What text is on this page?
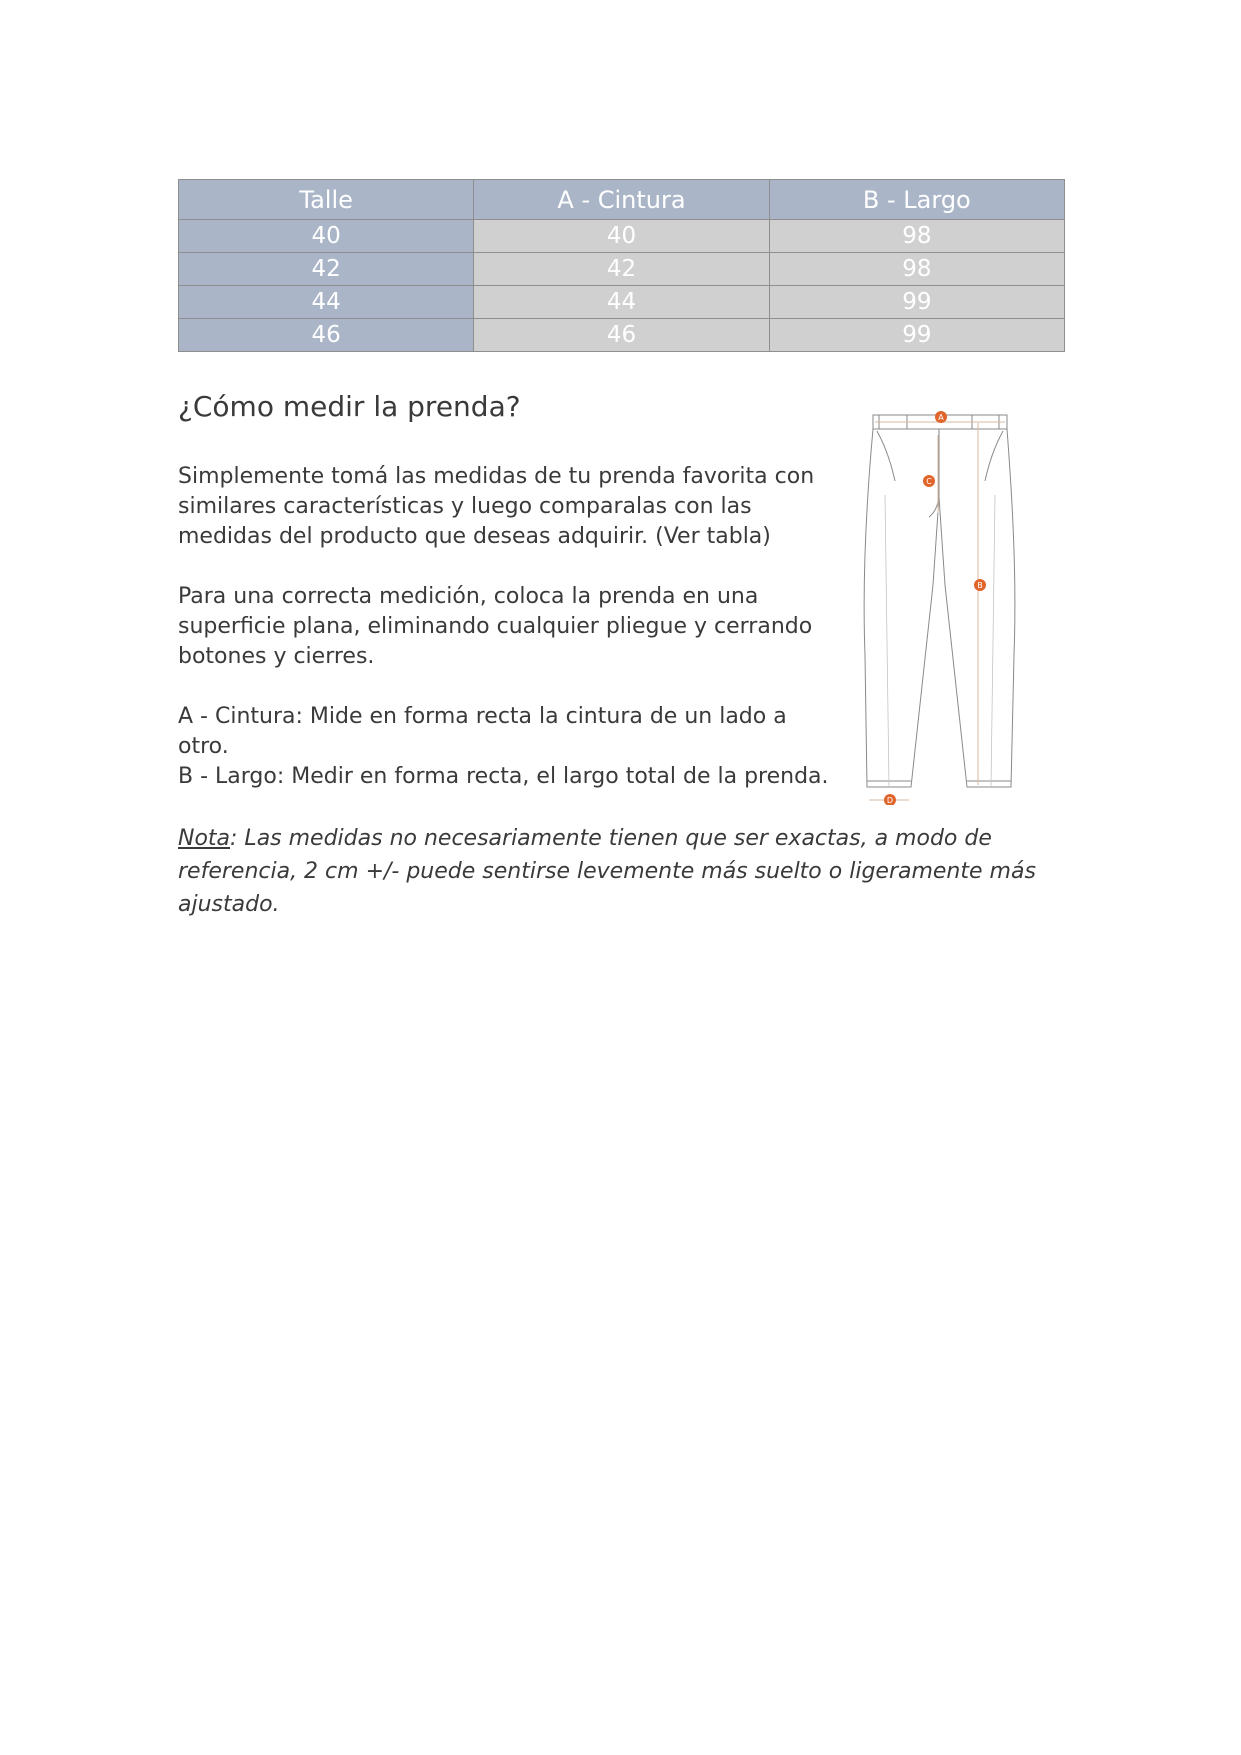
Talle	A - Cintura	B - Largo
40	40	98
42	42	98
44	44	99
46	46	99
¿Cómo medir la prenda?

Simplemente tomá las medidas de tu prenda favorita con similares características y luego comparalas con las medidas del producto que deseas adquirir. (Ver tabla)

Para una correcta medición, coloca la prenda en una superficie plana, eliminando cualquier pliegue y cerrando botones y cierres.

A - Cintura: Mide en forma recta la cintura de un lado a otro.

B - Largo: Medir en forma recta, el largo total de la prenda.

Nota: Las medidas no necesariamente tienen que ser exactas, a modo de referencia, 2 cm +/- puede sentirse levemente más suelto o ligeramente más ajustado.

A
B
C
D
